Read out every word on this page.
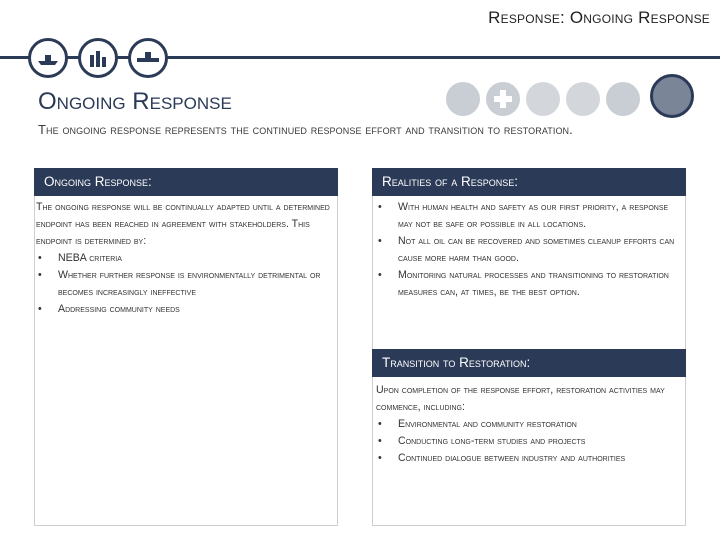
Response: Ongoing Response
Ongoing Response
The ongoing response represents the continued response effort and transition to restoration.
Ongoing Response:
The ongoing response will be continually adapted until a determined endpoint has been reached in agreement with stakeholders. This endpoint is determined by:
• NEBA criteria
• Whether further response is environmentally detrimental or becomes increasingly ineffective
• Addressing community needs
Realities of a Response:
• With human health and safety as our first priority, a response may not be safe or possible in all locations.
• Not all oil can be recovered and sometimes cleanup efforts can cause more harm than good.
• Monitoring natural processes and transitioning to restoration measures can, at times, be the best option.
Transition to Restoration:
Upon completion of the response effort, restoration activities may commence, including:
• Environmental and community restoration
• Conducting long-term studies and projects
• Continued dialogue between industry and authorities
